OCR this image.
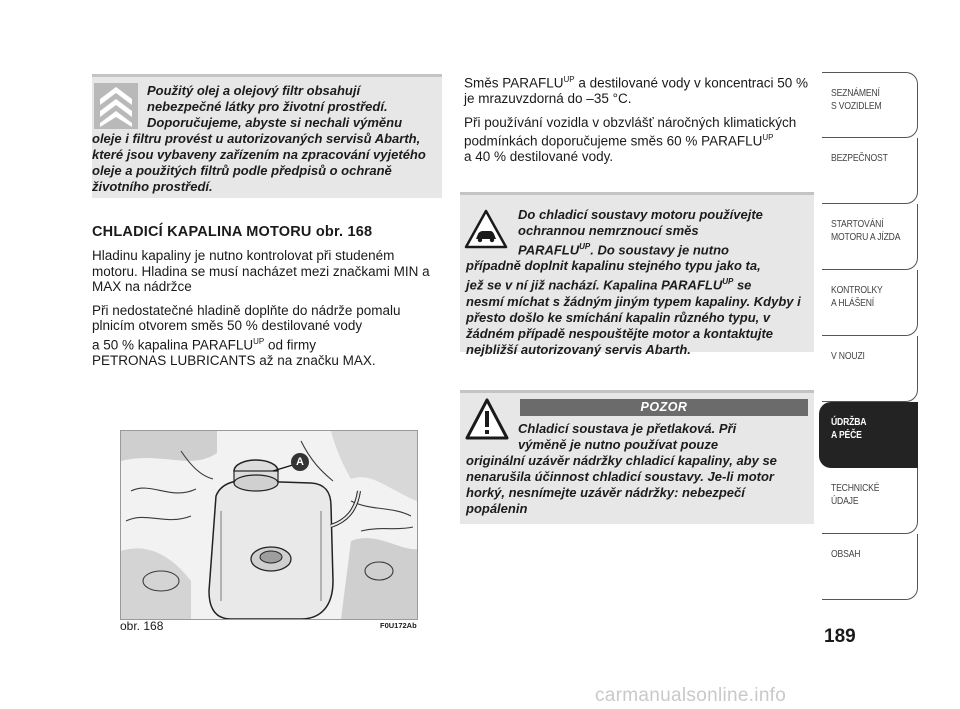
Použitý olej a olejový filtr obsahují

nebezpečné látky pro životní prostředí.

Doporučujeme, abyste si nechali výměnu

oleje i filtru provést u autorizovaných servisů Abarth, které jsou vybaveny zařízením na zpracování vyjetého oleje a použitých filtrů podle předpisů o ochraně životního prostředí.

CHLADICÍ KAPALINA MOTORU obr. 168

Hladinu kapaliny je nutno kontrolovat při studeném motoru. Hladina se musí nacházet mezi značkami MIN a MAX na nádržce

Při nedostatečné hladině doplňte do nádrže pomalu plnicím otvorem směs 50 % destilované vody

a 50 % kapalina $PARAFLU^{UP}$ od firmy

PETRONAS LUBRICANTS až na značku MAX.

A
obr. 168	F0U172Ab

Směs $PARAFLU^{UP}$ a destilované vody v koncentraci 50 %

je mrazuvzdorná do –35 °C.

Při používání vozidla v obzvlášť náročných klimatických

podmínkách doporučujeme směs 60 % $PARAFLU^{UP}$

a 40 % destilované vody.

Do chladicí soustavy motoru používejte

ochrannou nemrznoucí směs

$PARAFLU^{UP}$. Do soustavy je nutno

případně doplnit kapalinu stejného typu jako ta,

jež se v ní již nachází. Kapalina $PARAFLU^{UP}$ se

nesmí míchat s žádným jiným typem kapaliny. Kdyby i přesto došlo ke smíchání kapalin různého typu, v žádném případě nespouštějte motor a kontaktujte nejbližší autorizovaný servis Abarth.

POZOR

Chladicí soustava je přetlaková. Při

výměně je nutno používat pouze

originální uzávěr nádržky chladicí kapaliny, aby se nenarušila účinnost chladicí soustavy. Je-li motor horký, nesnímejte uzávěr nádržky: nebezpečí popálenin

SEZNÁMENÍ
S VOZIDLEM
BEZPEČNOST
STARTOVÁNÍ
MOTORU A JÍZDA
KONTROLKY
A HLÁŠENÍ
V NOUZI
ÚDRŽBA
A PÉČE
TECHNICKÉ
ÚDAJE
OBSAH
189
carmanualsonline.info
